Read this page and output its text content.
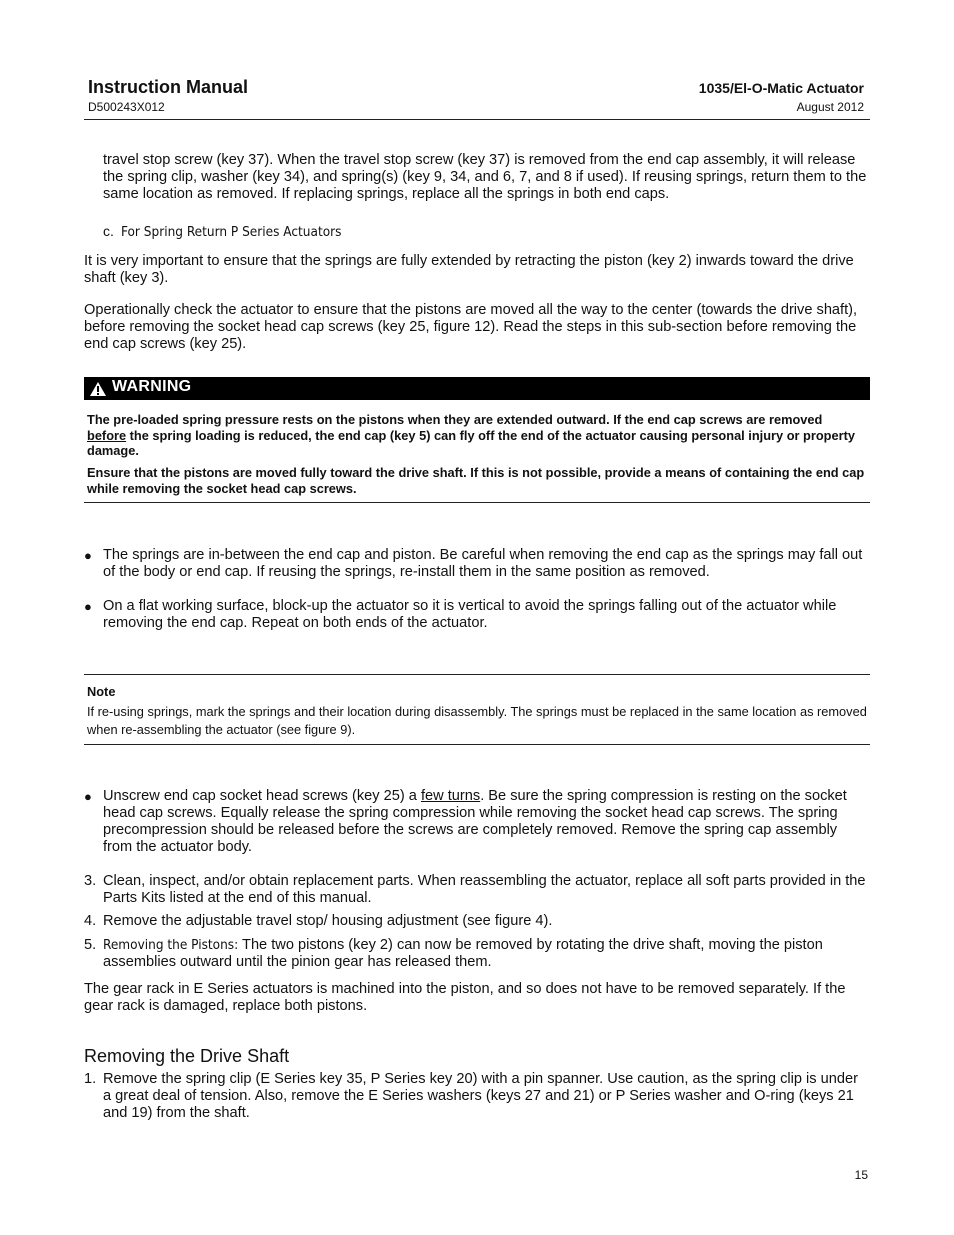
Instruction Manual
D500243X012
1035/El-O-Matic Actuator
August 2012
travel stop screw (key 37). When the travel stop screw (key 37) is removed from the end cap assembly, it will release the spring clip, washer (key 34), and spring(s) (key 9, 34, and 6, 7, and 8 if used). If reusing springs, return them to the same location as removed. If replacing springs, replace all the springs in both end caps.
c. For Spring Return P Series Actuators
It is very important to ensure that the springs are fully extended by retracting the piston (key 2) inwards toward the drive shaft (key 3).
Operationally check the actuator to ensure that the pistons are moved all the way to the center (towards the drive shaft), before removing the socket head cap screws (key 25, figure 12). Read the steps in this sub-section before removing the end cap screws (key 25).
WARNING
The pre-loaded spring pressure rests on the pistons when they are extended outward. If the end cap screws are removed
before the spring loading is reduced, the end cap (key 5) can fly off the end of the actuator causing personal injury or property damage.
Ensure that the pistons are moved fully toward the drive shaft. If this is not possible, provide a means of containing the end cap while removing the socket head cap screws.
● The springs are in-between the end cap and piston. Be careful when removing the end cap as the springs may fall out of the body or end cap. If reusing the springs, re-install them in the same position as removed.
● On a flat working surface, block-up the actuator so it is vertical to avoid the springs falling out of the actuator while removing the end cap. Repeat on both ends of the actuator.
Note
If re-using springs, mark the springs and their location during disassembly. The springs must be replaced in the same location as removed when re-assembling the actuator (see figure 9).
● Unscrew end cap socket head screws (key 25) a few turns. Be sure the spring compression is resting on the socket head cap screws. Equally release the spring compression while removing the socket head cap screws. The spring precompression should be released before the screws are completely removed. Remove the spring cap assembly from the actuator body.
3. Clean, inspect, and/or obtain replacement parts. When reassembling the actuator, replace all soft parts provided in the Parts Kits listed at the end of this manual.
4. Remove the adjustable travel stop/ housing adjustment (see figure 4).
5. Removing the Pistons: The two pistons (key 2) can now be removed by rotating the drive shaft, moving the piston assemblies outward until the pinion gear has released them.
The gear rack in E Series actuators is machined into the piston, and so does not have to be removed separately. If the gear rack is damaged, replace both pistons.
Removing the Drive Shaft
1. Remove the spring clip (E Series key 35, P Series key 20) with a pin spanner. Use caution, as the spring clip is under a great deal of tension. Also, remove the E Series washers (keys 27 and 21) or P Series washer and O-ring (keys 21 and 19) from the shaft.
15
